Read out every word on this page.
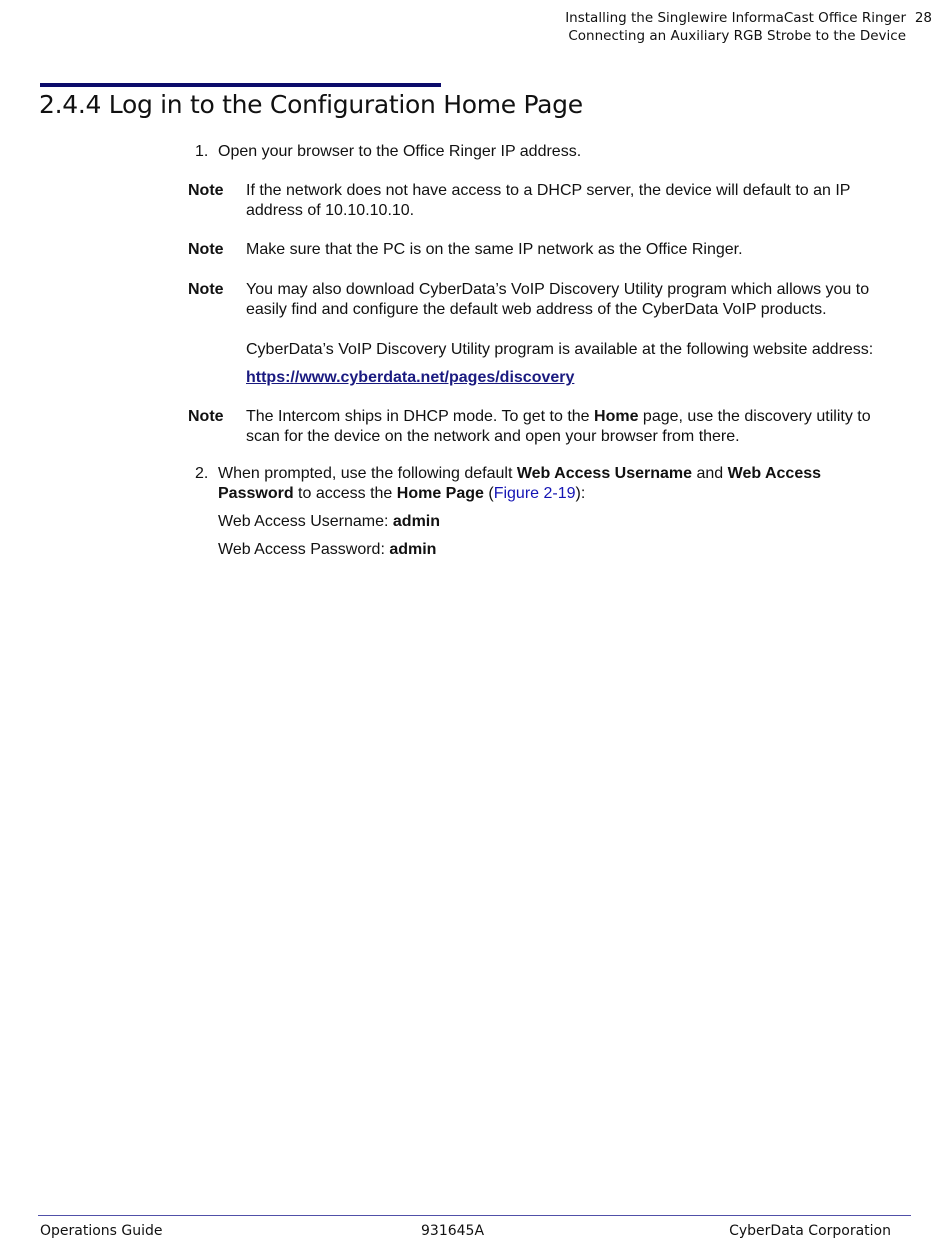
Installing the Singlewire InformaCast Office Ringer 28
Connecting an Auxiliary RGB Strobe to the Device
2.4.4 Log in to the Configuration Home Page
1. Open your browser to the Office Ringer IP address.
Note If the network does not have access to a DHCP server, the device will default to an IP address of 10.10.10.10.
Note Make sure that the PC is on the same IP network as the Office Ringer.
Note You may also download CyberData’s VoIP Discovery Utility program which allows you to easily find and configure the default web address of the CyberData VoIP products.
CyberData’s VoIP Discovery Utility program is available at the following website address:
https://www.cyberdata.net/pages/discovery
Note The Intercom ships in DHCP mode. To get to the Home page, use the discovery utility to scan for the device on the network and open your browser from there.
2. When prompted, use the following default Web Access Username and Web Access Password to access the Home Page (Figure 2-19):
Web Access Username: admin
Web Access Password: admin
Operations Guide	931645A	CyberData Corporation
